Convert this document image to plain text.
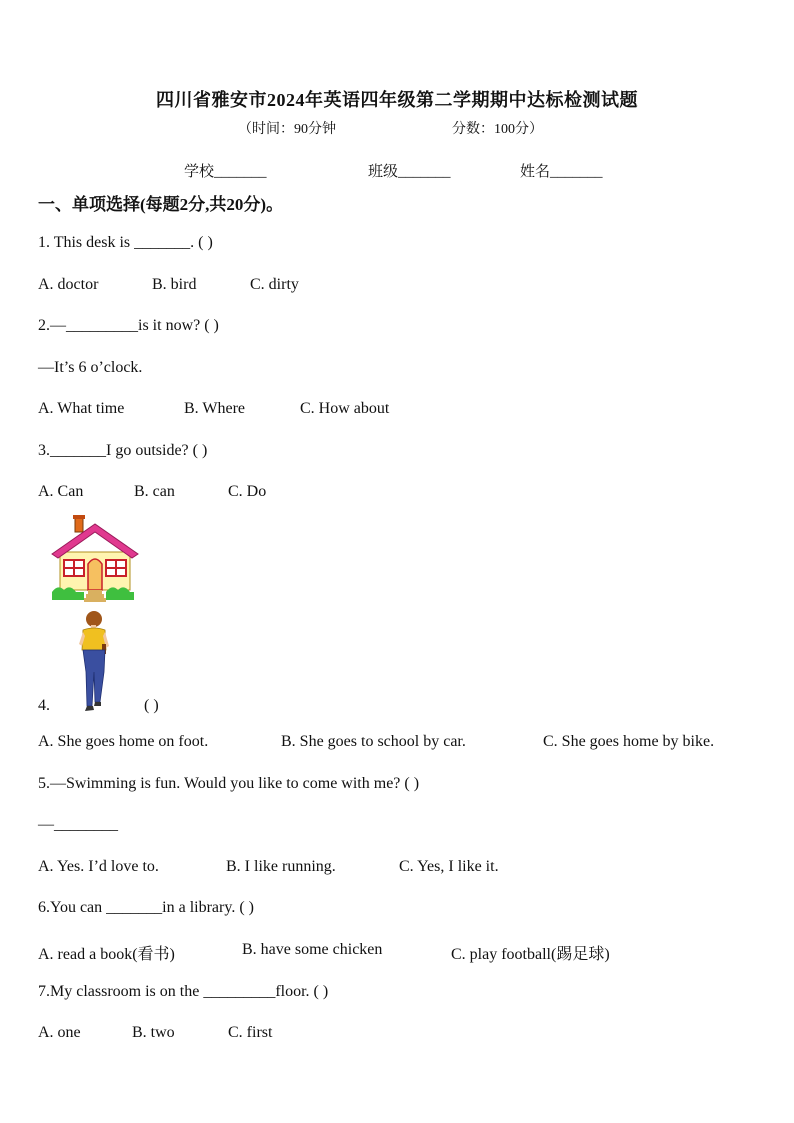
四川省雅安市2024年英语四年级第二学期期中达标检测试题
（时间：90分钟	分数：100分）
学校_______	班级_______	姓名_______
一、单项选择(每题2分,共20分)。
1. This desk is _______. ( )
A. doctor	B. bird	C. dirty
2.—_________is it now? ( )
—It’s 6 o’clock.
A. What time	B. Where	C. How about
3._______I go outside? ( )
A. Can	B. can	C. Do
4.	( )
A. She goes home on foot.	B. She goes to school by car.	C. She goes home by bike.
5.—Swimming is fun. Would you like to come with me? ( )
—________
A. Yes. I’d love to.	B. I like running.	C. Yes, I like it.
6.You can _______in a library. ( )
A. read a book(看书)	B. have some chicken	C. play football(踢足球)
7.My classroom is on the _________floor. ( )
A. one	B. two	C. first
